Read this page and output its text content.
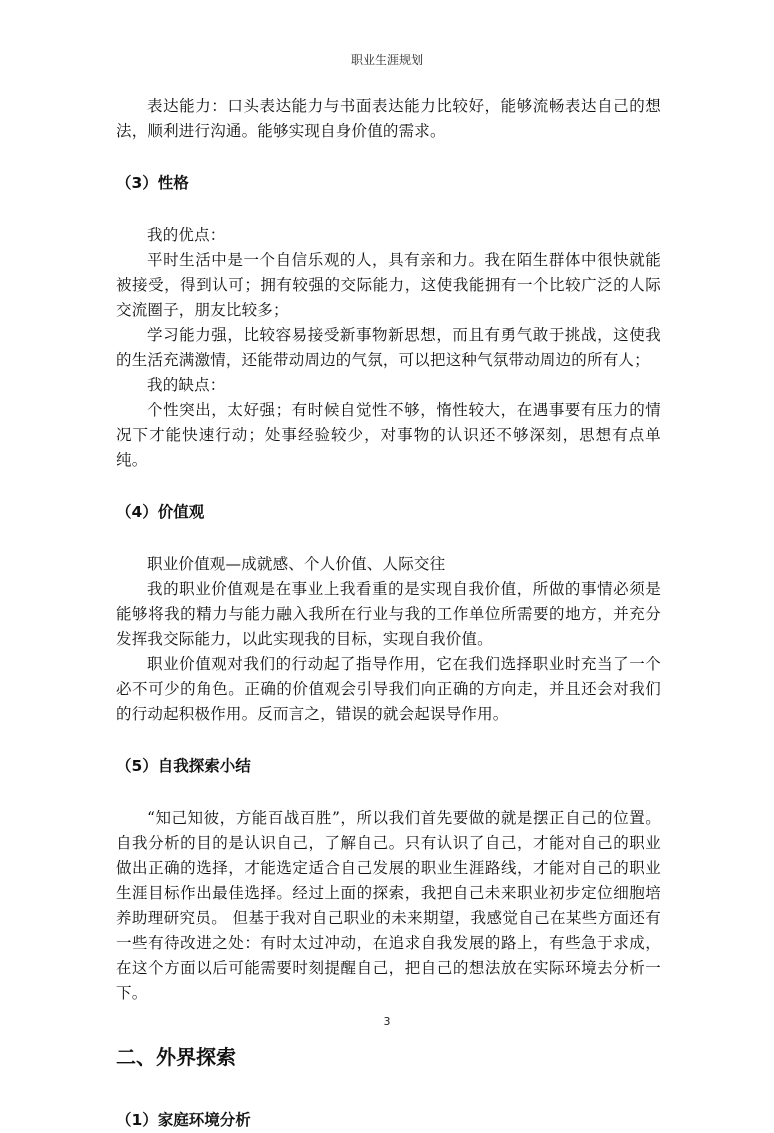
职业生涯规划

表达能力：口头表达能力与书面表达能力比较好，能够流畅表达自己的想法，顺利进行沟通。能够实现自身价值的需求。

（3）性格

我的优点：

平时生活中是一个自信乐观的人，具有亲和力。我在陌生群体中很快就能被接受，得到认可；拥有较强的交际能力，这使我能拥有一个比较广泛的人际交流圈子，朋友比较多；

学习能力强，比较容易接受新事物新思想，而且有勇气敢于挑战，这使我的生活充满激情，还能带动周边的气氛，可以把这种气氛带动周边的所有人；

我的缺点：

个性突出，太好强；有时候自觉性不够，惰性较大，在遇事要有压力的情况下才能快速行动；处事经验较少，对事物的认识还不够深刻，思想有点单纯。

（4）价值观

职业价值观—成就感、个人价值、人际交往

我的职业价值观是在事业上我看重的是实现自我价值，所做的事情必须是能够将我的精力与能力融入我所在行业与我的工作单位所需要的地方，并充分发挥我交际能力，以此实现我的目标，实现自我价值。

职业价值观对我们的行动起了指导作用，它在我们选择职业时充当了一个必不可少的角色。正确的价值观会引导我们向正确的方向走，并且还会对我们的行动起积极作用。反而言之，错误的就会起误导作用。

（5）自我探索小结

“知己知彼，方能百战百胜”，所以我们首先要做的就是摆正自己的位置。自我分析的目的是认识自己，了解自己。只有认识了自己，才能对自己的职业做出正确的选择，才能选定适合自己发展的职业生涯路线，才能对自己的职业生涯目标作出最佳选择。经过上面的探索，我把自己未来职业初步定位细胞培养助理研究员。 但基于我对自己职业的未来期望，我感觉自己在某些方面还有一些有待改进之处：有时太过冲动，在追求自我发展的路上，有些急于求成，在这个方面以后可能需要时刻提醒自己，把自己的想法放在实际环境去分析一下。

二、外界探索
（1）家庭环境分析
3
